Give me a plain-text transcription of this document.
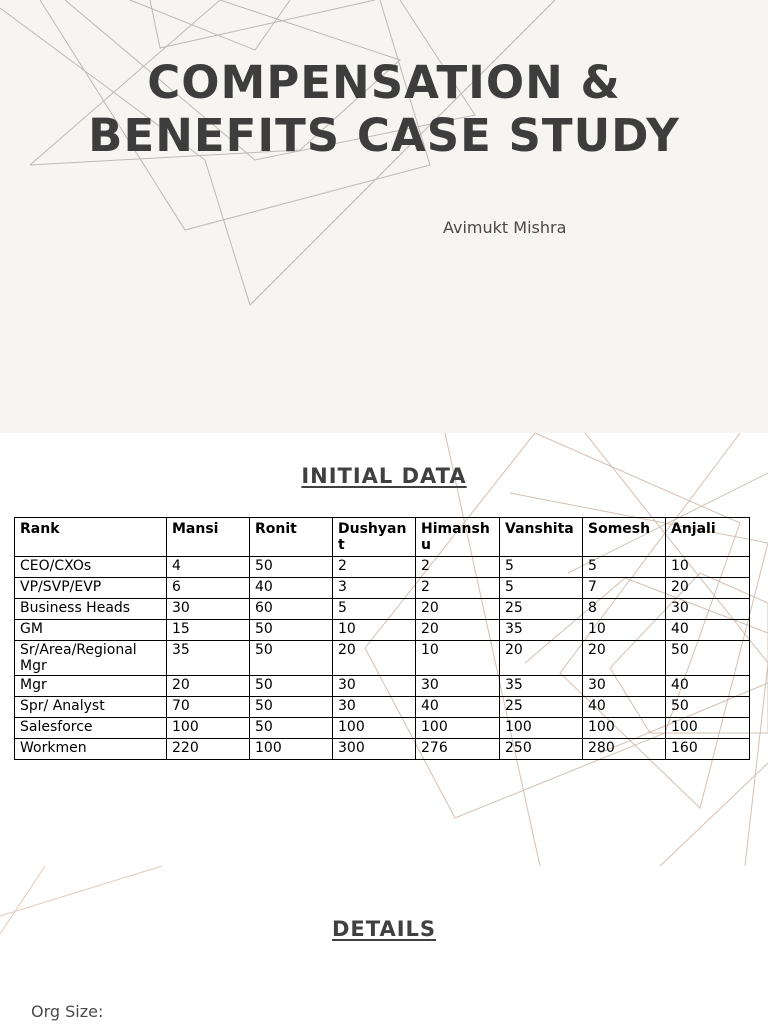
COMPENSATION & BENEFITS CASE STUDY

Avimukt Mishra

INITIAL DATA
Rank	Mansi	Ronit	Dushyant	Himanshu	Vanshita	Somesh	Anjali
CEO/CXOs	4	50	2	2	5	5	10
VP/SVP/EVP	6	40	3	2	5	7	20
Business Heads	30	60	5	20	25	8	30
GM	15	50	10	20	35	10	40
Sr/Area/Regional Mgr	35	50	20	10	20	20	50
Mgr	20	50	30	30	35	30	40
Spr/ Analyst	70	50	30	40	25	40	50
Salesforce	100	50	100	100	100	100	100
Workmen	220	100	300	276	250	280	160
DETAILS

Org Size:
